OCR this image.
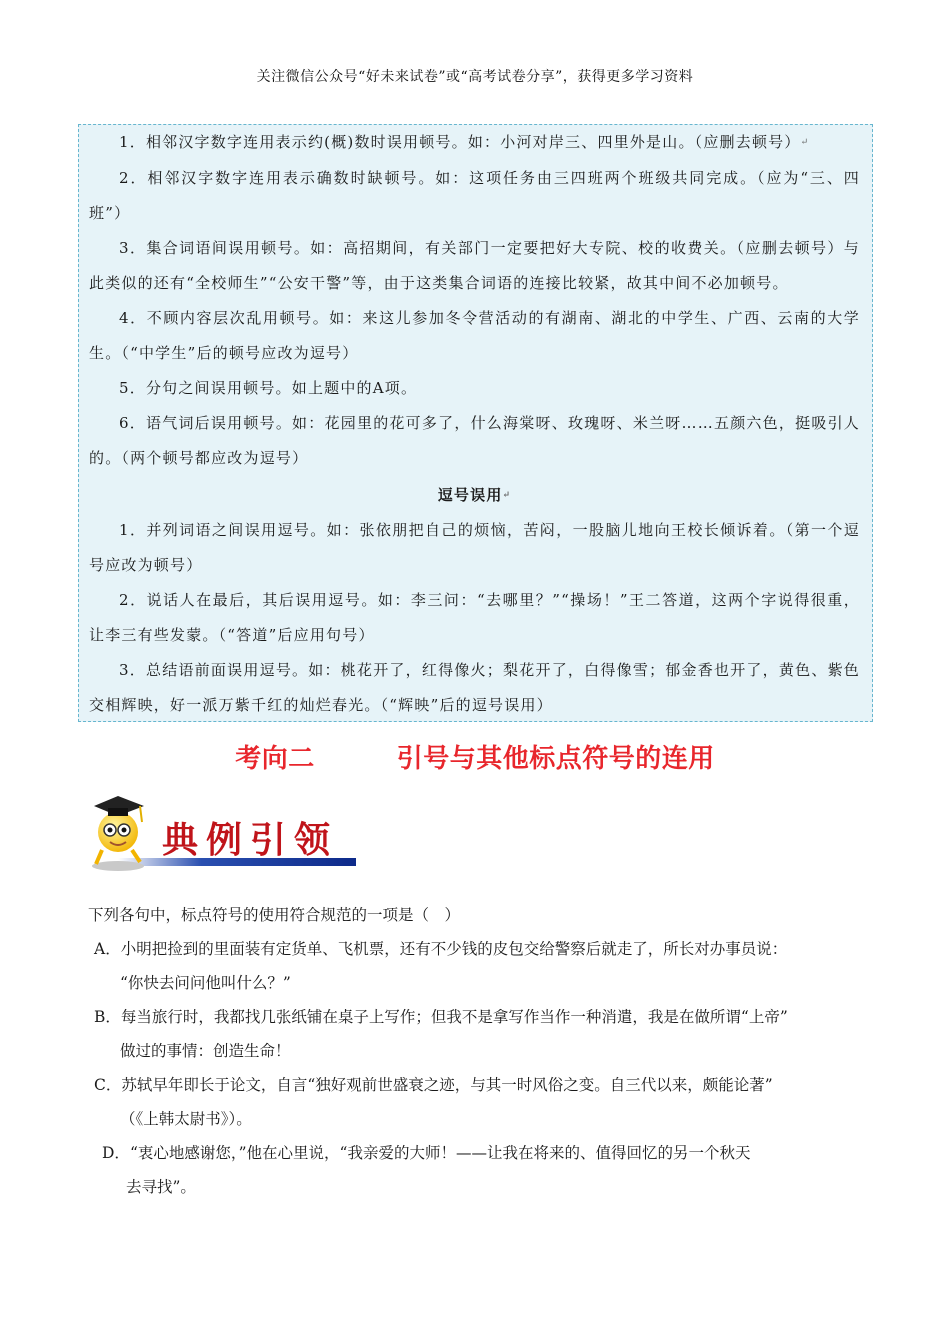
关注微信公众号“好未来试卷”或“高考试卷分享”，获得更多学习资料

1．相邻汉字数字连用表示约(概)数时误用顿号。如：小河对岸三、四里外是山。（应删去顿号）↵

2．相邻汉字数字连用表示确数时缺顿号。如：这项任务由三四班两个班级共同完成。（应为“三、四班”）

3．集合词语间误用顿号。如：高招期间，有关部门一定要把好大专院、校的收费关。（应删去顿号）与此类似的还有“全校师生”“公安干警”等，由于这类集合词语的连接比较紧，故其中间不必加顿号。

4．不顾内容层次乱用顿号。如：来这儿参加冬令营活动的有湖南、湖北的中学生、广西、云南的大学生。（“中学生”后的顿号应改为逗号）

5．分句之间误用顿号。如上题中的A项。

6．语气词后误用顿号。如：花园里的花可多了，什么海棠呀、玫瑰呀、米兰呀……五颜六色，挺吸引人的。（两个顿号都应改为逗号）

逗号误用↵

1．并列词语之间误用逗号。如：张依朋把自己的烦恼，苦闷，一股脑儿地向王校长倾诉着。（第一个逗号应改为顿号）

2．说话人在最后，其后误用逗号。如：李三问：“去哪里？”“操场！”王二答道，这两个字说得很重，让李三有些发蒙。（“答道”后应用句号）

3．总结语前面误用逗号。如：桃花开了，红得像火；梨花开了，白得像雪；郁金香也开了，黄色、紫色交相辉映，好一派万紫千红的灿烂春光。（“辉映”后的逗号误用）

考向二	引号与其他标点符号的连用
典例引领

下列各句中，标点符号的使用符合规范的一项是（　）

A． 小明把捡到的里面装有定货单、飞机票，还有不少钱的皮包交给警察后就走了，所长对办事员说：
“你快去问问他叫什么？”
B． 每当旅行时，我都找几张纸铺在桌子上写作；但我不是拿写作当作一种消遣，我是在做所谓“上帝”
做过的事情：创造生命！
C． 苏轼早年即长于论文，自言“独好观前世盛衰之迹，与其一时风俗之变。自三代以来，颇能论著”
（《上韩太尉书》）。
D． “衷心地感谢您，”他在心里说，“我亲爱的大师！——让我在将来的、值得回忆的另一个秋天
去寻找”。
